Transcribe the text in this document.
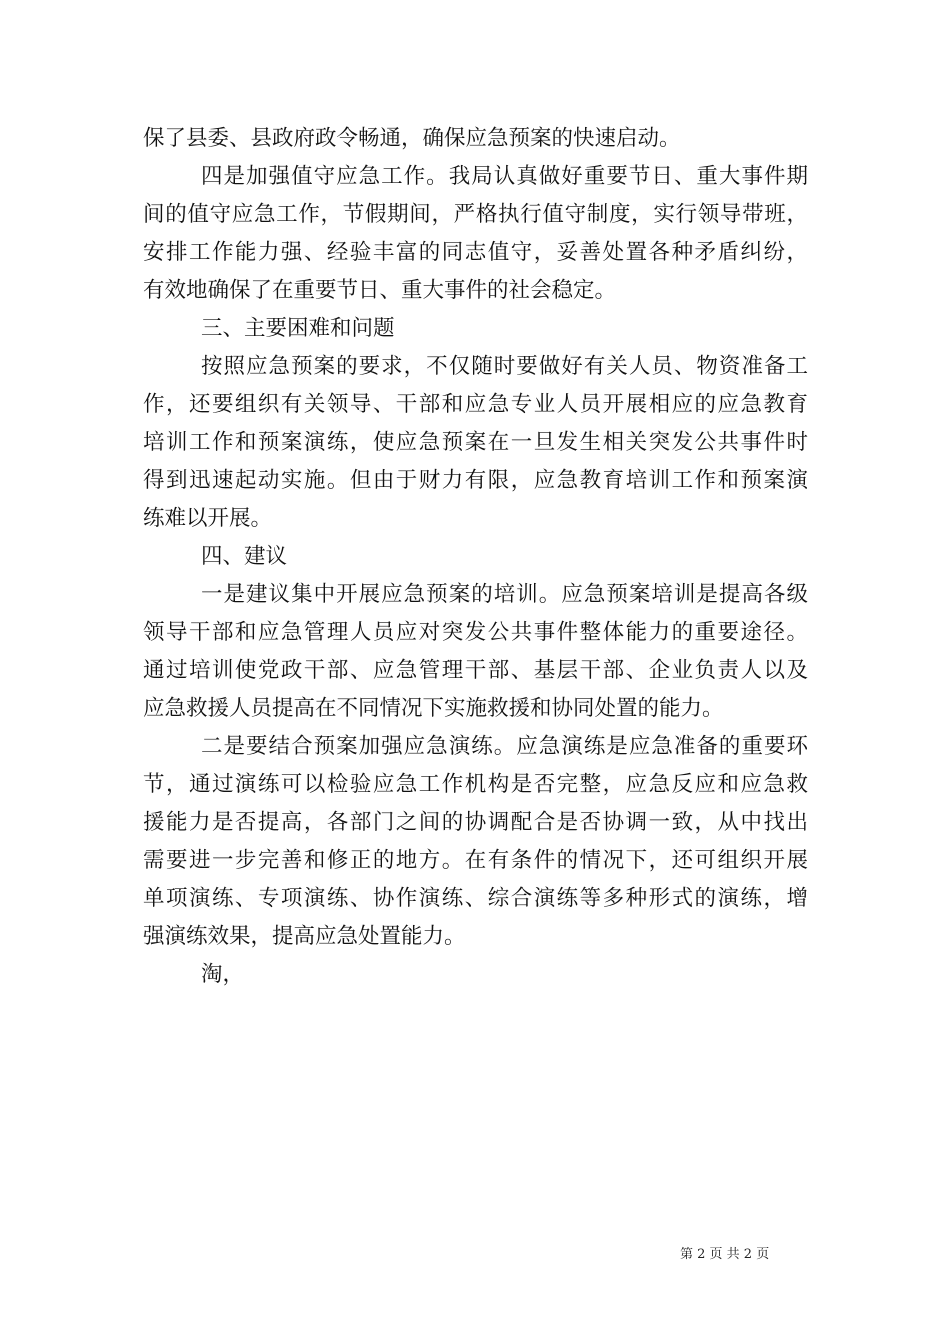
保了县委、县政府政令畅通，确保应急预案的快速启动。
四是加强值守应急工作。我局认真做好重要节日、重大事件期
间的值守应急工作，节假期间，严格执行值守制度，实行领导带班，
安排工作能力强、经验丰富的同志值守，妥善处置各种矛盾纠纷，
有效地确保了在重要节日、重大事件的社会稳定。
三、主要困难和问题
按照应急预案的要求，不仅随时要做好有关人员、物资准备工
作，还要组织有关领导、干部和应急专业人员开展相应的应急教育
培训工作和预案演练，使应急预案在一旦发生相关突发公共事件时
得到迅速起动实施。但由于财力有限，应急教育培训工作和预案演
练难以开展。
四、建议
一是建议集中开展应急预案的培训。应急预案培训是提高各级
领导干部和应急管理人员应对突发公共事件整体能力的重要途径。
通过培训使党政干部、应急管理干部、基层干部、企业负责人以及
应急救援人员提高在不同情况下实施救援和协同处置的能力。
二是要结合预案加强应急演练。应急演练是应急准备的重要环
节，通过演练可以检验应急工作机构是否完整，应急反应和应急救
援能力是否提高，各部门之间的协调配合是否协调一致，从中找出
需要进一步完善和修正的地方。在有条件的情况下，还可组织开展
单项演练、专项演练、协作演练、综合演练等多种形式的演练，增
强演练效果，提高应急处置能力。
淘，
第 2 页 共 2 页
